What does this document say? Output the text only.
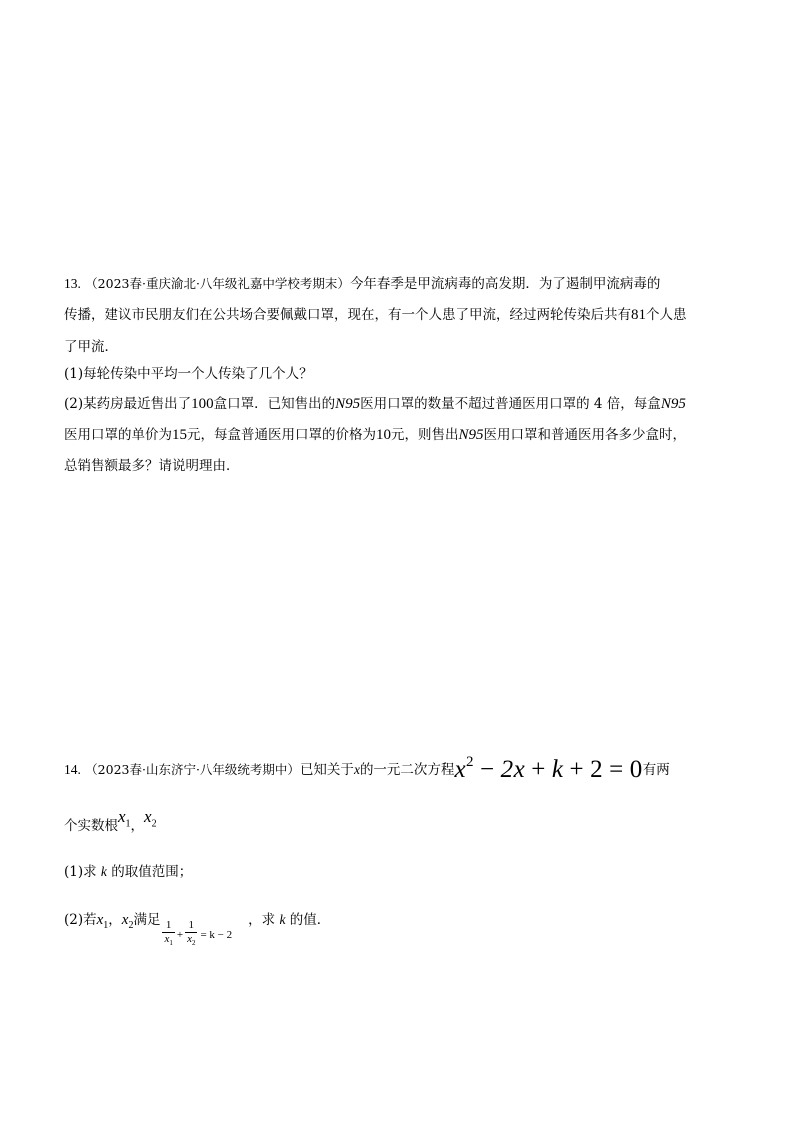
13. （2023春·重庆渝北·八年级礼嘉中学校考期末）今年春季是甲流病毒的高发期．为了遏制甲流病毒的
传播，建议市民朋友们在公共场合要佩戴口罩，现在，有一个人患了甲流，经过两轮传染后共有81个人患
了甲流．
(1)每轮传染中平均一个人传染了几个人？
(2)某药房最近售出了100盒口罩．已知售出的N95医用口罩的数量不超过普通医用口罩的 4 倍，每盒N95
医用口罩的单价为15元，每盒普通医用口罩的价格为10元，则售出N95医用口罩和普通医用各多少盒时，
总销售额最多？请说明理由．
14. （2023春·山东济宁·八年级统考期中）已知关于x的一元二次方程$x^2 - 2x + k + 2 = 0$有两
个实数根$x_1$，$x_2$
(1)求 k 的取值范围；
(2)若$x_1$，$x_2$满足 $\frac{1}{x_1} + \frac{1}{x_2} = k - 2$，求 k 的值．
